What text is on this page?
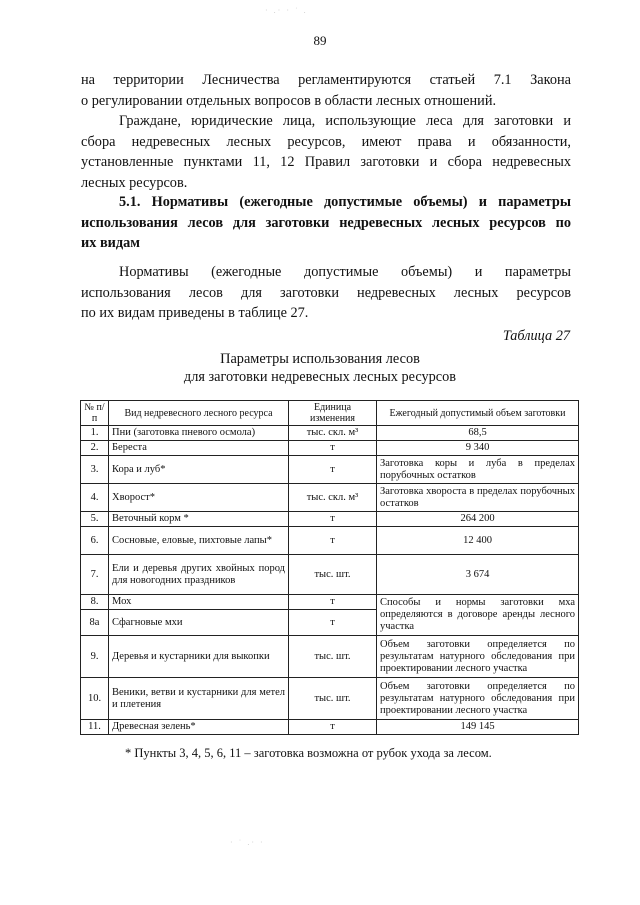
· .· · ˙ .
89
на территории Лесничества регламентируются статьей 7.1 Закона
о регулировании отдельных вопросов в области лесных отношений.
Граждане, юридические лица, использующие леса для заготовки и
сбора недревесных лесных ресурсов, имеют права и обязанности,
установленные пунктами 11, 12 Правил заготовки и сбора недревесных
лесных ресурсов.
5.1. Нормативы (ежегодные допустимые объемы) и параметры
использования лесов для заготовки недревесных лесных ресурсов по
их видам
Нормативы (ежегодные допустимые объемы) и параметры
использования лесов для заготовки недревесных лесных ресурсов
по их видам приведены в таблице 27.
Таблица 27
Параметры использования лесов
для заготовки недревесных лесных ресурсов
№ п/п	Вид недревесного лесного ресурса	Единица изменения	Ежегодный допустимый объем заготовки
1.	Пни (заготовка пневого осмола)	тыс. скл. м³	68,5
2.	Береста	т	9 340
3.	Кора и луб*	т	Заготовка коры и луба в пределах порубочных остатков
4.	Хворост*	тыс. скл. м³	Заготовка хвороста в пределах порубочных остатков
5.	Веточный корм *	т	264 200
6.	Сосновые, еловые, пихтовые лапы*	т	12 400
7.	Ели и деревья других хвойных пород для новогодних праздников	тыс. шт.	3 674
8.	Мох	т	Способы и нормы заготовки мха определяются в договоре аренды лесного участка
8а	Сфагновые мхи	т	
9.	Деревья и кустарники для выкопки	тыс. шт.	Объем заготовки определяется по результатам натурного обследования при проектировании лесного участка
10.	Веники, ветви и кустарники для метел и плетения	тыс. шт.	Объем заготовки определяется по результатам натурного обследования при проектировании лесного участка
11.	Древесная зелень*	т	149 145
* Пункты 3, 4, 5, 6, 11 – заготовка возможна от рубок ухода за лесом.
· ˙ .· ·
